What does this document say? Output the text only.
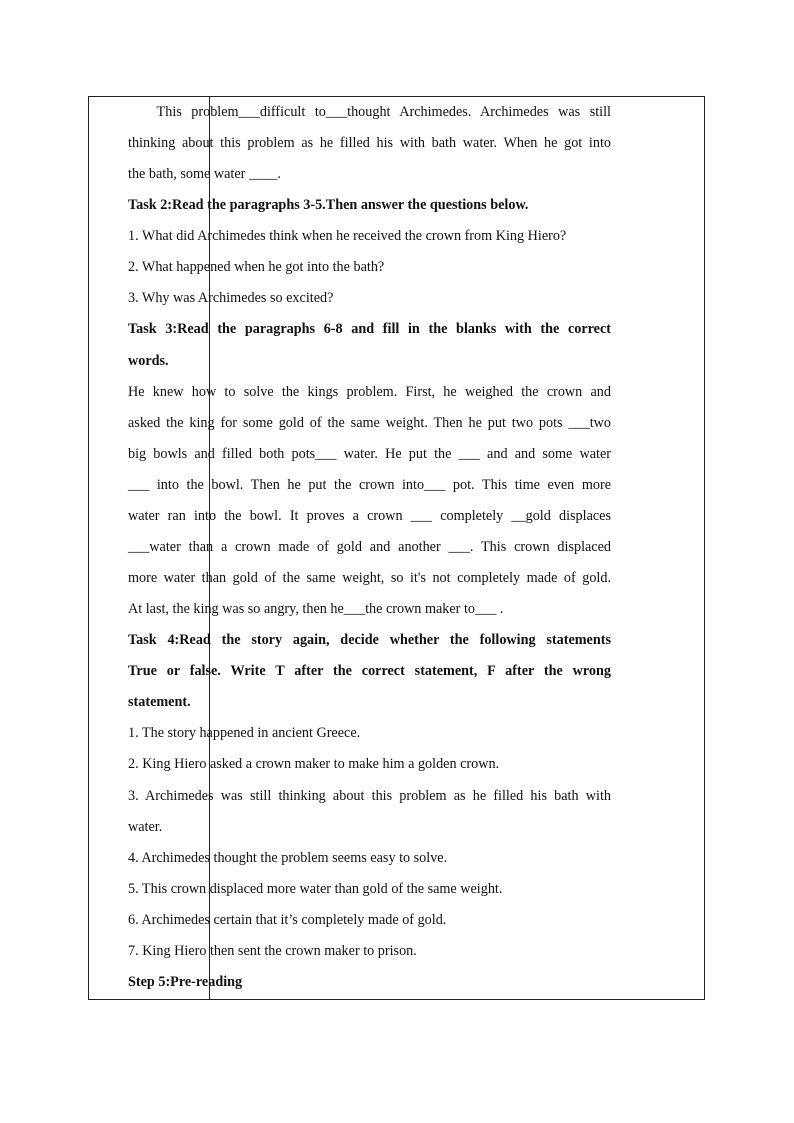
This problem___difficult to___thought Archimedes. Archimedes was still
thinking about this problem as he filled his with bath water. When he got into
the bath, some water ____.
Task 2:Read the paragraphs 3-5.Then answer the questions below.
1. What did Archimedes think when he received the crown from King Hiero?
2. What happened when he got into the bath?
3. Why was Archimedes so excited?
Task 3:Read the paragraphs 6-8 and fill in the blanks with the correct
words.
He knew how to solve the kings problem. First, he weighed the crown and
asked the king for some gold of the same weight. Then he put two pots ___two
big bowls and filled both pots___ water. He put the ___ and and some water
___ into the bowl. Then he put the crown into___ pot. This time even more
water ran into the bowl. It proves a crown ___ completely __gold displaces
___water than a crown made of gold and another ___. This crown displaced
more water than gold of the same weight, so it's not completely made of gold.
At last, the king was so angry, then he___the crown maker to___ .
Task 4:Read the story again, decide whether the following statements
True or false. Write T after the correct statement, F after the wrong
statement.
1. The story happened in ancient Greece.
2. King Hiero asked a crown maker to make him a golden crown.
3. Archimedes was still thinking about this problem as he filled his bath with
water.
4. Archimedes thought the problem seems easy to solve.
5. This crown displaced more water than gold of the same weight.
6. Archimedes certain that it’s completely made of gold.
7. King Hiero then sent the crown maker to prison.
Step 5:Pre-reading
